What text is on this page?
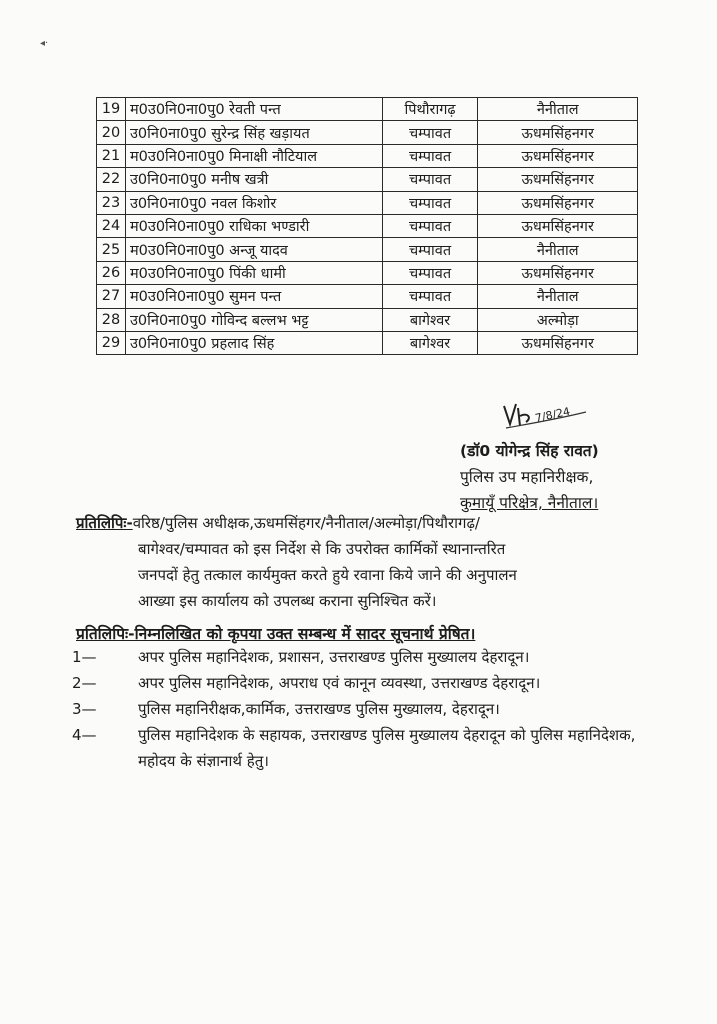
◂·
19	म0उ0नि0ना0पु0 रेवती पन्त	पिथौरागढ़	नैनीताल
20	उ0नि0ना0पु0 सुरेन्द्र सिंह खड़ायत	चम्पावत	ऊधमसिंहनगर
21	म0उ0नि0ना0पु0 मिनाक्षी नौटियाल	चम्पावत	ऊधमसिंहनगर
22	उ0नि0ना0पु0 मनीष खत्री	चम्पावत	ऊधमसिंहनगर
23	उ0नि0ना0पु0 नवल किशोर	चम्पावत	ऊधमसिंहनगर
24	म0उ0नि0ना0पु0 राधिका भण्डारी	चम्पावत	ऊधमसिंहनगर
25	म0उ0नि0ना0पु0 अन्जू यादव	चम्पावत	नैनीताल
26	म0उ0नि0ना0पु0 पिंकी धामी	चम्पावत	ऊधमसिंहनगर
27	म0उ0नि0ना0पु0 सुमन पन्त	चम्पावत	नैनीताल
28	उ0नि0ना0पु0 गोविन्द बल्लभ भट्ट	बागेश्वर	अल्मोड़ा
29	उ0नि0ना0पु0 प्रहलाद सिंह	बागेश्वर	ऊधमसिंहनगर
7/8/24
(डॉ0 योगेन्द्र सिंह रावत)
पुलिस उप महानिरीक्षक,
कुमायूँ परिक्षेत्र, नैनीताल।
प्रतिलिपिः-वरिष्ठ/पुलिस अधीक्षक,ऊधमसिंहगर/नैनीताल/अल्मोड़ा/पिथौरागढ़/
बागेश्वर/चम्पावत को इस निर्देश से कि उपरोक्त कार्मिकों स्थानान्तरित
जनपदों हेतु तत्काल कार्यमुक्त करते हुये रवाना किये जाने की अनुपालन
आख्या इस कार्यालय को उपलब्ध कराना सुनिश्चित करें।
प्रतिलिपिः-निम्नलिखित को कृपया उक्त सम्बन्ध में सादर सूचनार्थ प्रेषित।
1—	अपर पुलिस महानिदेशक, प्रशासन, उत्तराखण्ड पुलिस मुख्यालय देहरादून।
2—	अपर पुलिस महानिदेशक, अपराध एवं कानून व्यवस्था, उत्तराखण्ड देहरादून।
3—	पुलिस महानिरीक्षक,कार्मिक, उत्तराखण्ड पुलिस मुख्यालय, देहरादून।
4—	पुलिस महानिदेशक के सहायक, उत्तराखण्ड पुलिस मुख्यालय देहरादून को पुलिस महानिदेशक, महोदय के संज्ञानार्थ हेतु।
